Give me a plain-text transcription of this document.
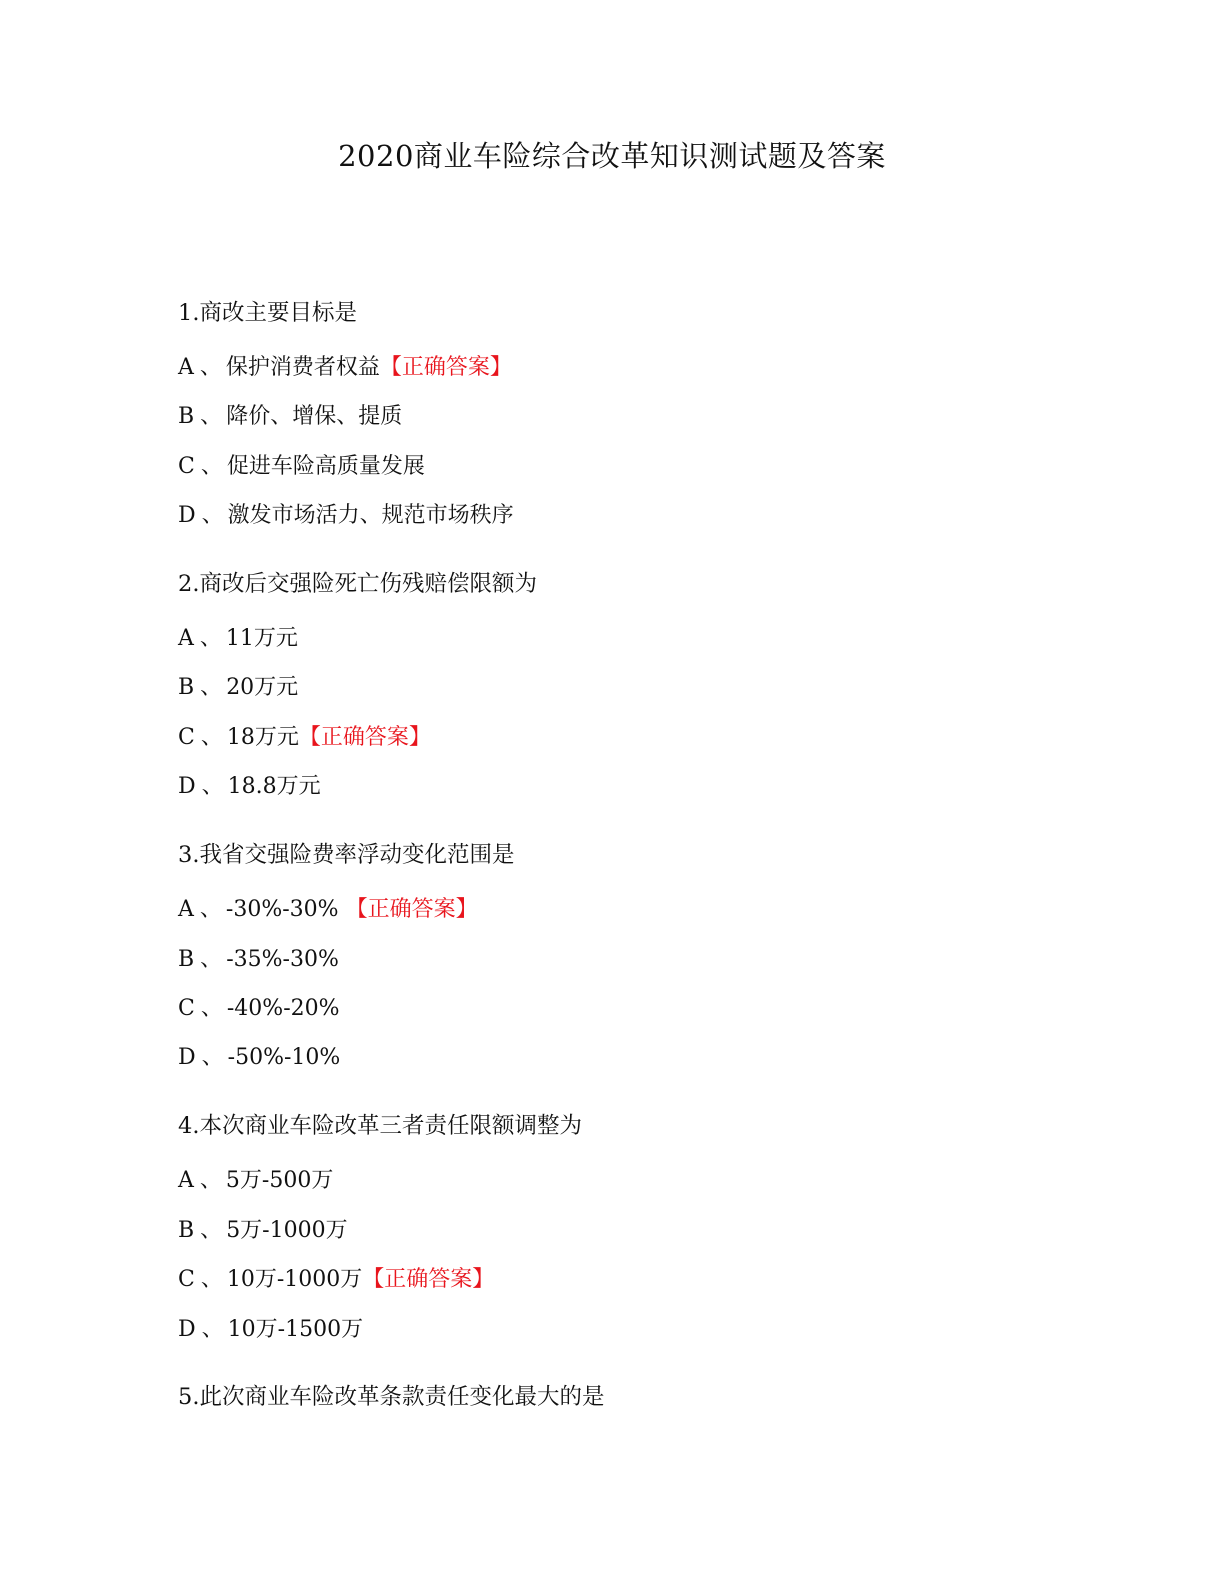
2020商业车险综合改革知识测试题及答案

1.商改主要目标是

A 、 保护消费者权益【正确答案】

B 、 降价、增保、提质

C 、 促进车险高质量发展

D 、 激发市场活力、规范市场秩序

2.商改后交强险死亡伤残赔偿限额为

A 、 11万元

B 、 20万元

C 、 18万元【正确答案】

D 、 18.8万元

3.我省交强险费率浮动变化范围是

A 、 -30%-30% 【正确答案】

B 、 -35%-30%

C 、 -40%-20%

D 、 -50%-10%

4.本次商业车险改革三者责任限额调整为

A 、 5万-500万

B 、 5万-1000万

C 、 10万-1000万【正确答案】

D 、 10万-1500万

5.此次商业车险改革条款责任变化最大的是
